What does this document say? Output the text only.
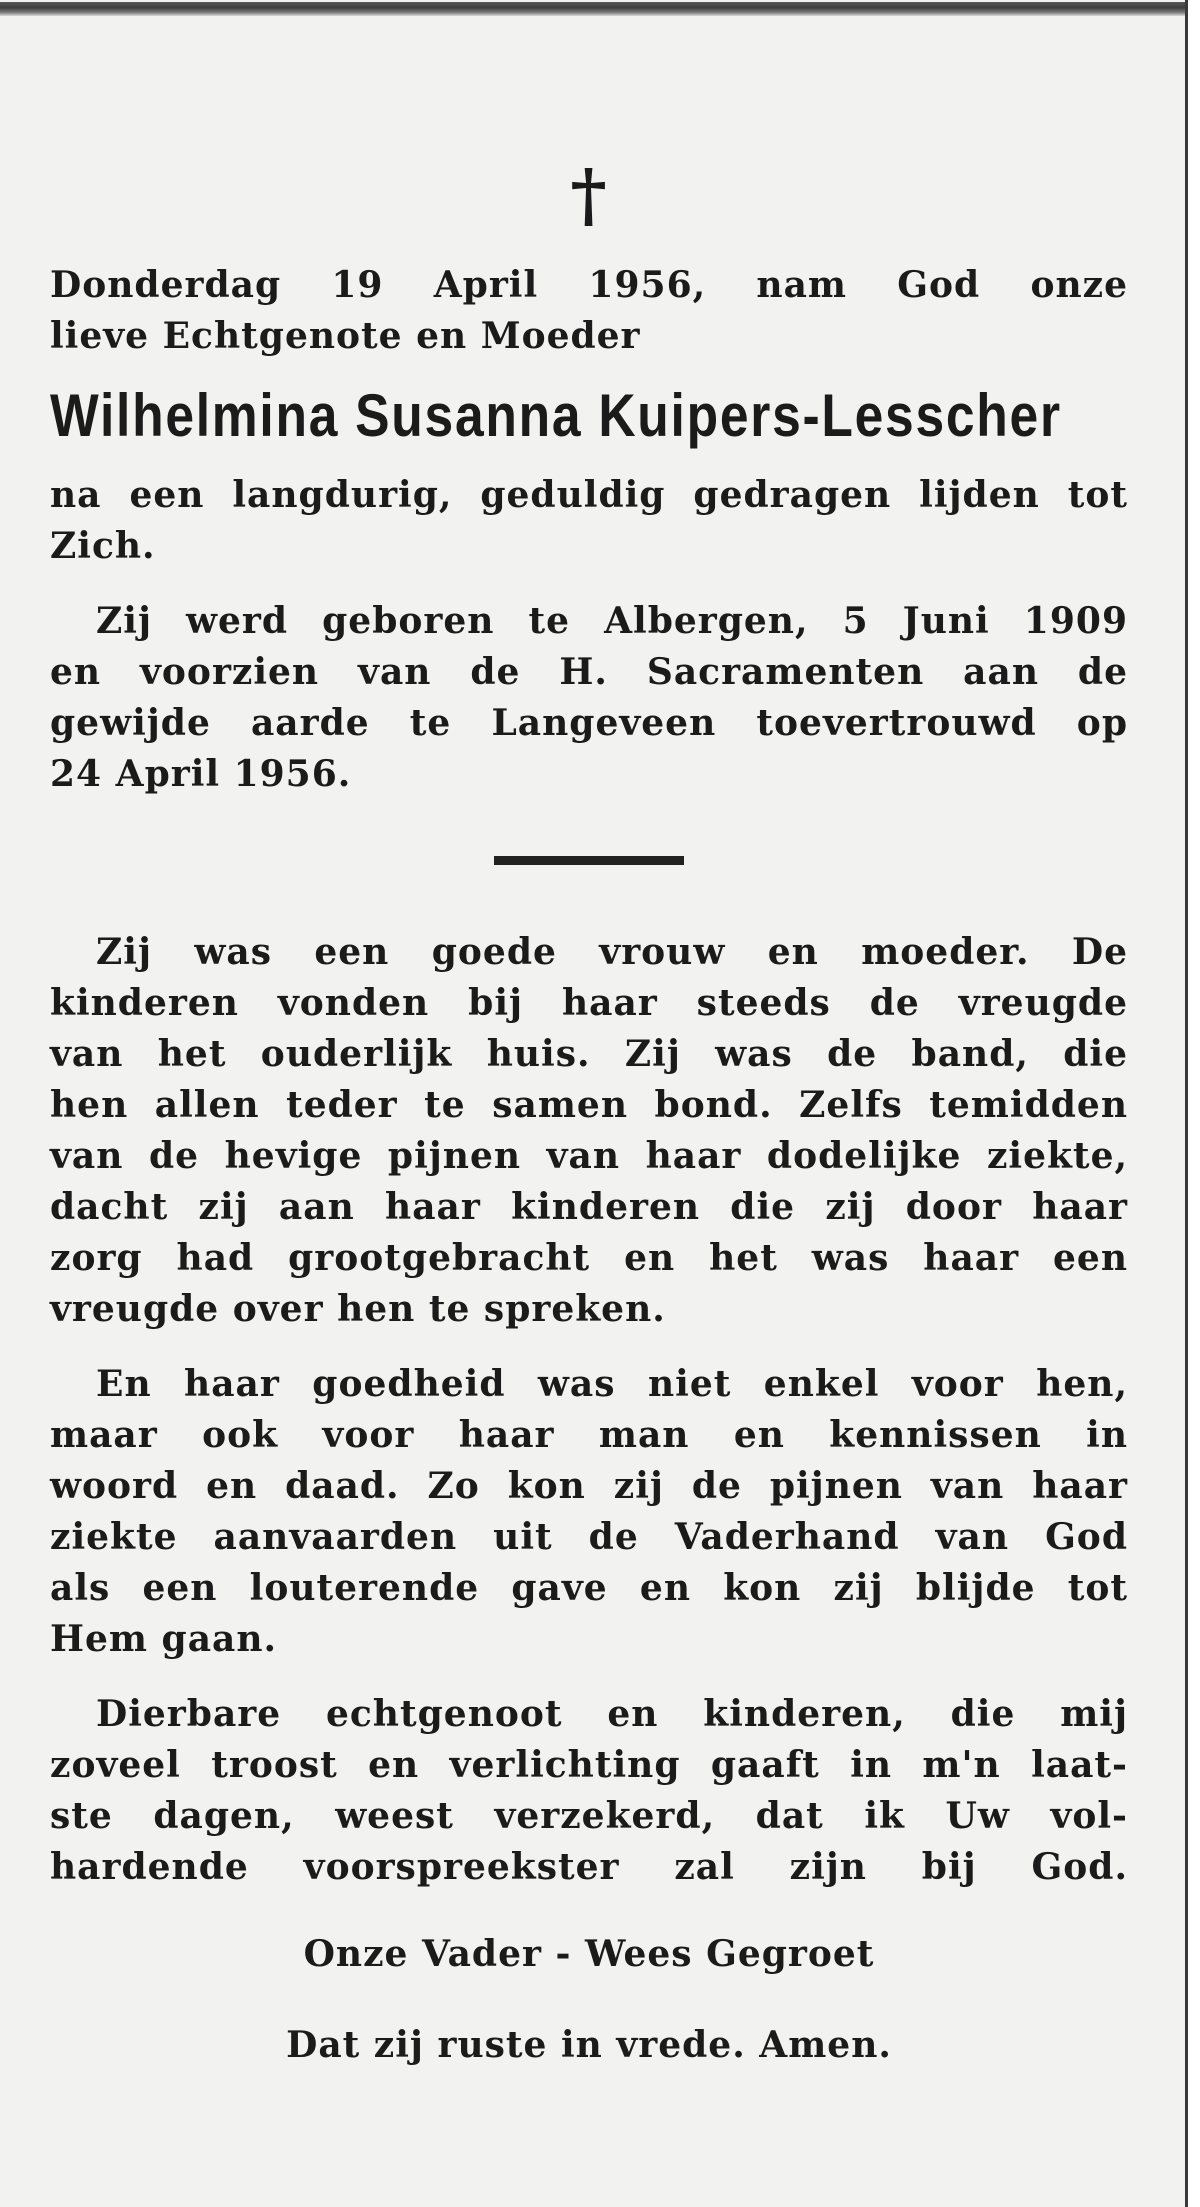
†
Donderdag 19 April 1956, nam God onze
lieve Echtgenote en Moeder
Wilhelmina Susanna Kuipers-Lesscher
na een langdurig, geduldig gedragen lijden tot
Zich.
Zij werd geboren te Albergen, 5 Juni 1909
en voorzien van de H. Sacramenten aan de
gewijde aarde te Langeveen toevertrouwd op
24 April 1956.
Zij was een goede vrouw en moeder. De
kinderen vonden bij haar steeds de vreugde
van het ouderlijk huis. Zij was de band, die
hen allen teder te samen bond. Zelfs temidden
van de hevige pijnen van haar dodelijke ziekte,
dacht zij aan haar kinderen die zij door haar
zorg had grootgebracht en het was haar een
vreugde over hen te spreken.
En haar goedheid was niet enkel voor hen,
maar ook voor haar man en kennissen in
woord en daad. Zo kon zij de pijnen van haar
ziekte aanvaarden uit de Vaderhand van God
als een louterende gave en kon zij blijde tot
Hem gaan.
Dierbare echtgenoot en kinderen, die mij
zoveel troost en verlichting gaaft in m'n laat-
ste dagen, weest verzekerd, dat ik Uw vol-
hardende voorspreekster zal zijn bij God.
Onze Vader - Wees Gegroet
Dat zij ruste in vrede. Amen.
